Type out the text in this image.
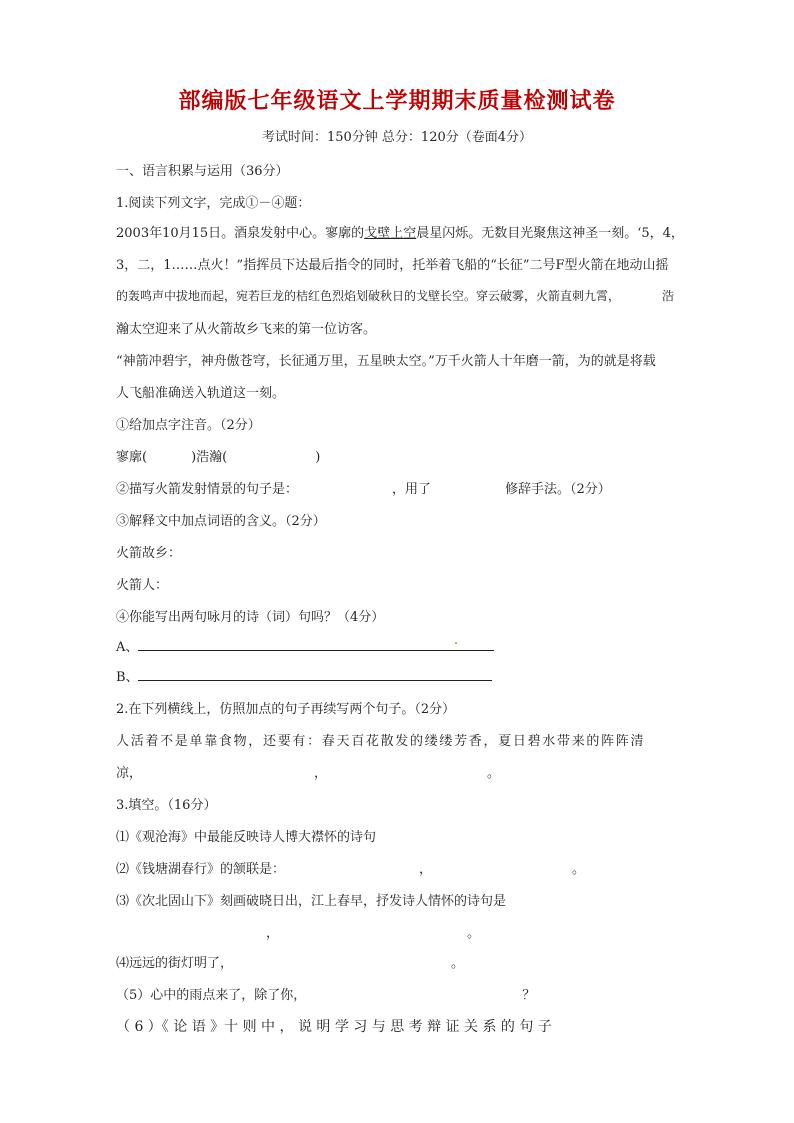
部编版七年级语文上学期期末质量检测试卷
考试时间：150分钟 总分：120分（卷面4分）
一、语言积累与运用（36分）
1.阅读下列文字，完成①－④题：
2003年10月15日。酒泉发射中心。寥廓的戈壁上空晨星闪烁。无数目光聚焦这神圣一刻。‘5，4，
3，二，1……点火！”指挥员下达最后指令的同时，托举着飞船的“长征”二号F型火箭在地动山摇
的轰鸣声中拔地而起，宛若巨龙的桔红色烈焰划破秋日的戈壁长空。穿云破雾，火箭直刺九霄，	浩
瀚太空迎来了从火箭故乡飞来的第一位访客。
“神箭冲碧宇，神舟傲苍穹，长征通万里，五星映太空。”万千火箭人十年磨一箭，为的就是将载
人飞船准确送入轨道这一刻。
①给加点字注音。（2分）
寥廓(	)浩瀚(	)
②描写火箭发射情景的句子是：	，用了	修辞手法。（2分）
③解释文中加点词语的含义。（2分）
火箭故乡：
火箭人：
④你能写出两句咏月的诗（词）句吗？（4分）
A、
B、
2.在下列横线上，仿照加点的句子再续写两个句子。（2分）
人活着不是单靠食物，还要有：春天百花散发的缕缕芳香，夏日碧水带来的阵阵清
凉，	，	。
3.填空。（16分）
⑴《观沧海》中最能反映诗人博大襟怀的诗句
⑵《钱塘湖春行》的颔联是：	，	。
⑶《次北固山下》刻画破晓日出，江上春早，抒发诗人情怀的诗句是
，	。
⑷远远的街灯明了，	。
（5）心中的雨点来了，除了你，	？
（ 6 ）《 论 语 》十 则 中 ， 说 明 学 习 与 思 考 辩 证 关 系 的 句 子
